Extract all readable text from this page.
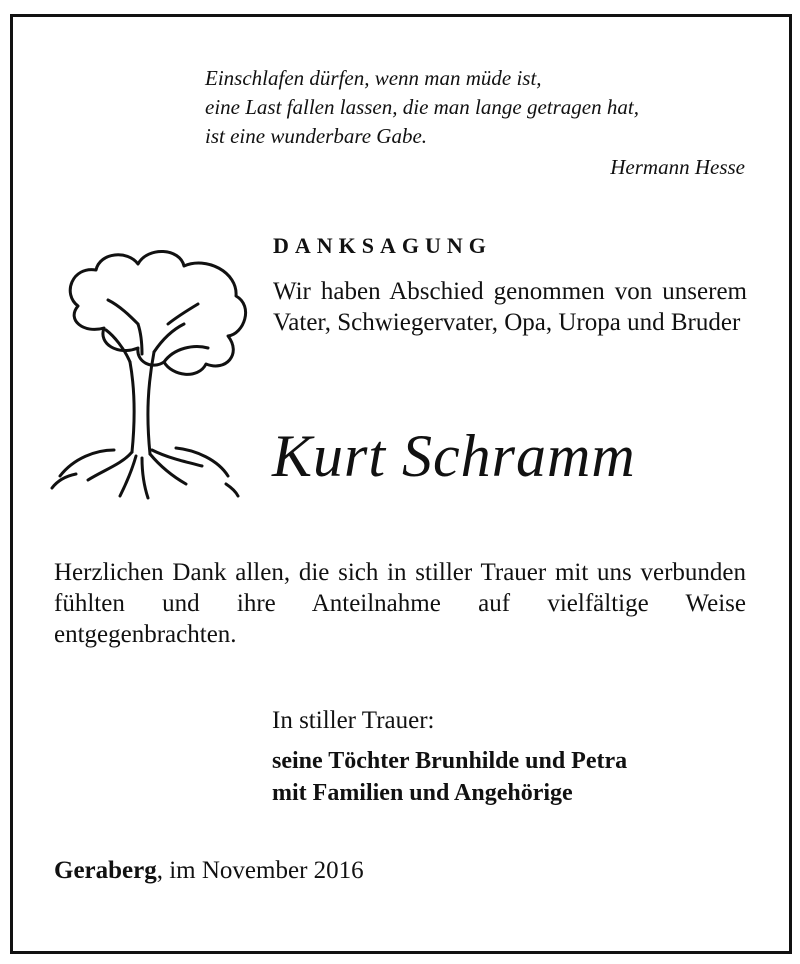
Einschlafen dürfen, wenn man müde ist,
eine Last fallen lassen, die man lange getragen hat,
ist eine wunderbare Gabe.
Hermann Hesse
DANKSAGUNG
Wir haben Abschied genommen von unserem Vater, Schwiegervater, Opa, Uropa und Bruder
Kurt Schramm
Herzlichen Dank allen, die sich in stiller Trauer mit uns verbunden fühlten und ihre Anteilnahme auf vielfältige Weise entgegenbrachten.
In stiller Trauer:
seine Töchter Brunhilde und Petra
mit Familien und Angehörige
Geraberg, im November 2016
